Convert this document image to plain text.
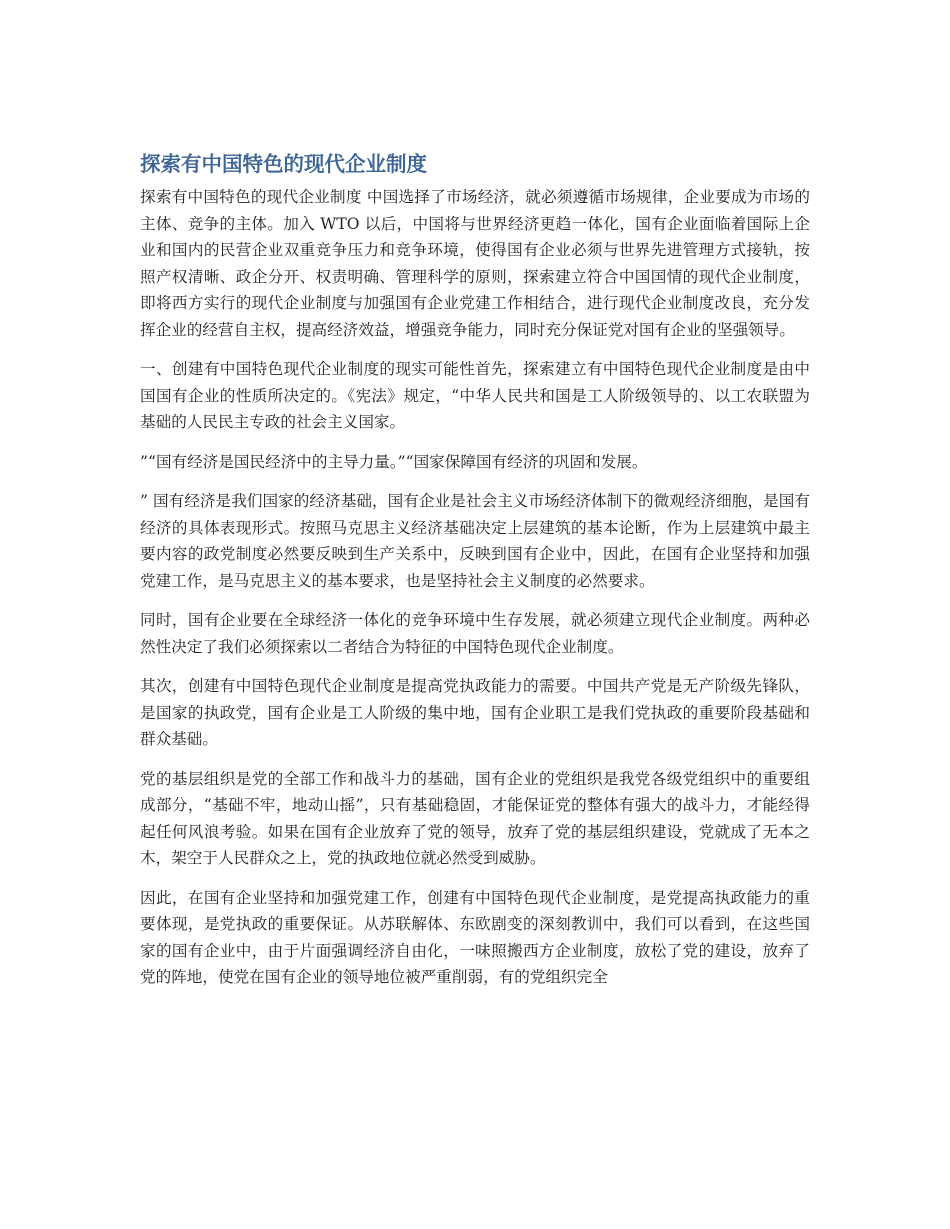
探索有中国特色的现代企业制度

探索有中国特色的现代企业制度 中国选择了市场经济，就必须遵循市场规律，企业要成为市场的主体、竞争的主体。加入 WTO 以后，中国将与世界经济更趋一体化，国有企业面临着国际上企业和国内的民营企业双重竞争压力和竞争环境，使得国有企业必须与世界先进管理方式接轨，按照产权清晰、政企分开、权责明确、管理科学的原则，探索建立符合中国国情的现代企业制度，即将西方实行的现代企业制度与加强国有企业党建工作相结合，进行现代企业制度改良，充分发挥企业的经营自主权，提高经济效益，增强竞争能力，同时充分保证党对国有企业的坚强领导。

一、创建有中国特色现代企业制度的现实可能性首先，探索建立有中国特色现代企业制度是由中国国有企业的性质所决定的。《宪法》规定，“中华人民共和国是工人阶级领导的、以工农联盟为基础的人民民主专政的社会主义国家。

”“国有经济是国民经济中的主导力量。”“国家保障国有经济的巩固和发展。

” 国有经济是我们国家的经济基础，国有企业是社会主义市场经济体制下的微观经济细胞，是国有经济的具体表现形式。按照马克思主义经济基础决定上层建筑的基本论断，作为上层建筑中最主要内容的政党制度必然要反映到生产关系中，反映到国有企业中，因此，在国有企业坚持和加强党建工作，是马克思主义的基本要求，也是坚持社会主义制度的必然要求。

同时，国有企业要在全球经济一体化的竞争环境中生存发展，就必须建立现代企业制度。两种必然性决定了我们必须探索以二者结合为特征的中国特色现代企业制度。

其次，创建有中国特色现代企业制度是提高党执政能力的需要。中国共产党是无产阶级先锋队，是国家的执政党，国有企业是工人阶级的集中地，国有企业职工是我们党执政的重要阶段基础和群众基础。

党的基层组织是党的全部工作和战斗力的基础，国有企业的党组织是我党各级党组织中的重要组成部分，“基础不牢，地动山摇”，只有基础稳固，才能保证党的整体有强大的战斗力，才能经得起任何风浪考验。如果在国有企业放弃了党的领导，放弃了党的基层组织建设，党就成了无本之木，架空于人民群众之上，党的执政地位就必然受到威胁。

因此，在国有企业坚持和加强党建工作，创建有中国特色现代企业制度，是党提高执政能力的重要体现，是党执政的重要保证。从苏联解体、东欧剧变的深刻教训中，我们可以看到，在这些国家的国有企业中，由于片面强调经济自由化，一味照搬西方企业制度，放松了党的建设，放弃了党的阵地，使党在国有企业的领导地位被严重削弱，有的党组织完全
